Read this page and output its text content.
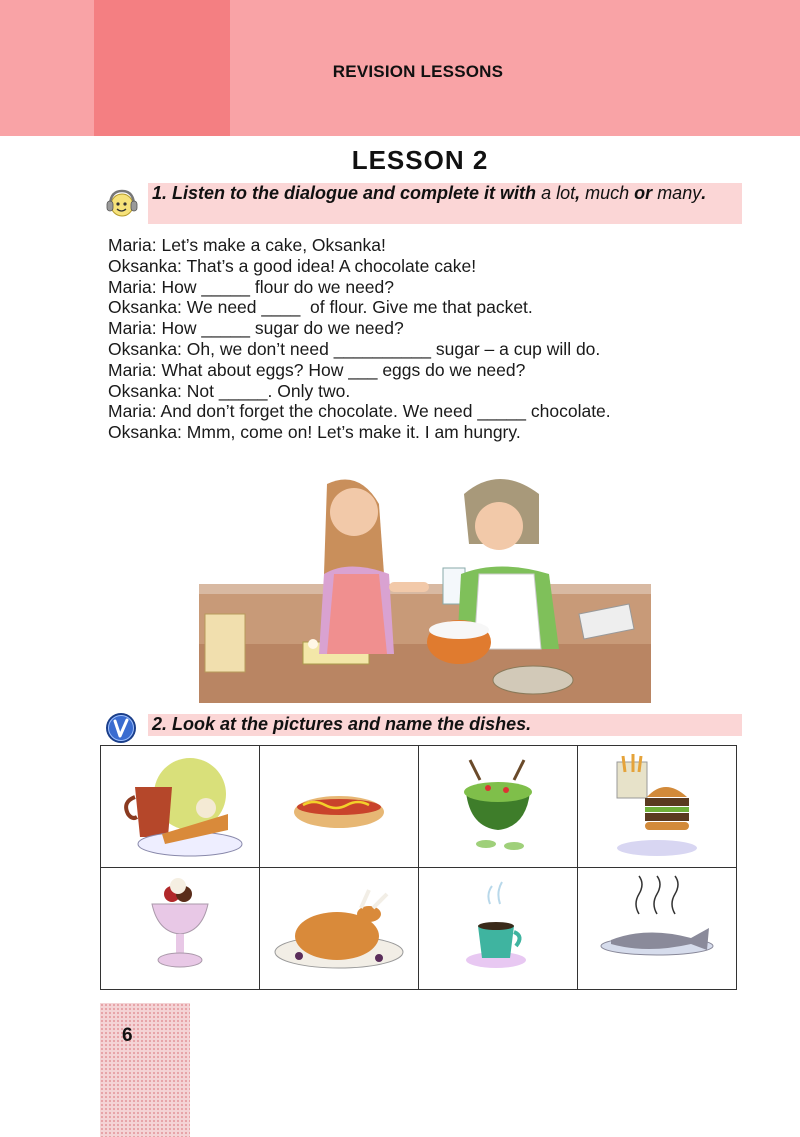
REVISION LESSONS
LESSON 2
1. Listen to the dialogue and complete it with a lot, much or many.
Maria: Let’s make a cake, Oksanka!
Oksanka: That’s a good idea! A chocolate cake!
Maria: How _____ flour do we need?
Oksanka: We need ____  of flour. Give me that packet.
Maria: How _____ sugar do we need?
Oksanka: Oh, we don’t need __________ sugar – a cup will do.
Maria: What about eggs? How ___ eggs do we need?
Oksanka: Not _____. Only two.
Maria: And don’t forget the chocolate. We need _____ chocolate.
Oksanka: Mmm, come on! Let’s make it. I am hungry.
2. Look at the pictures and name the dishes.

6
